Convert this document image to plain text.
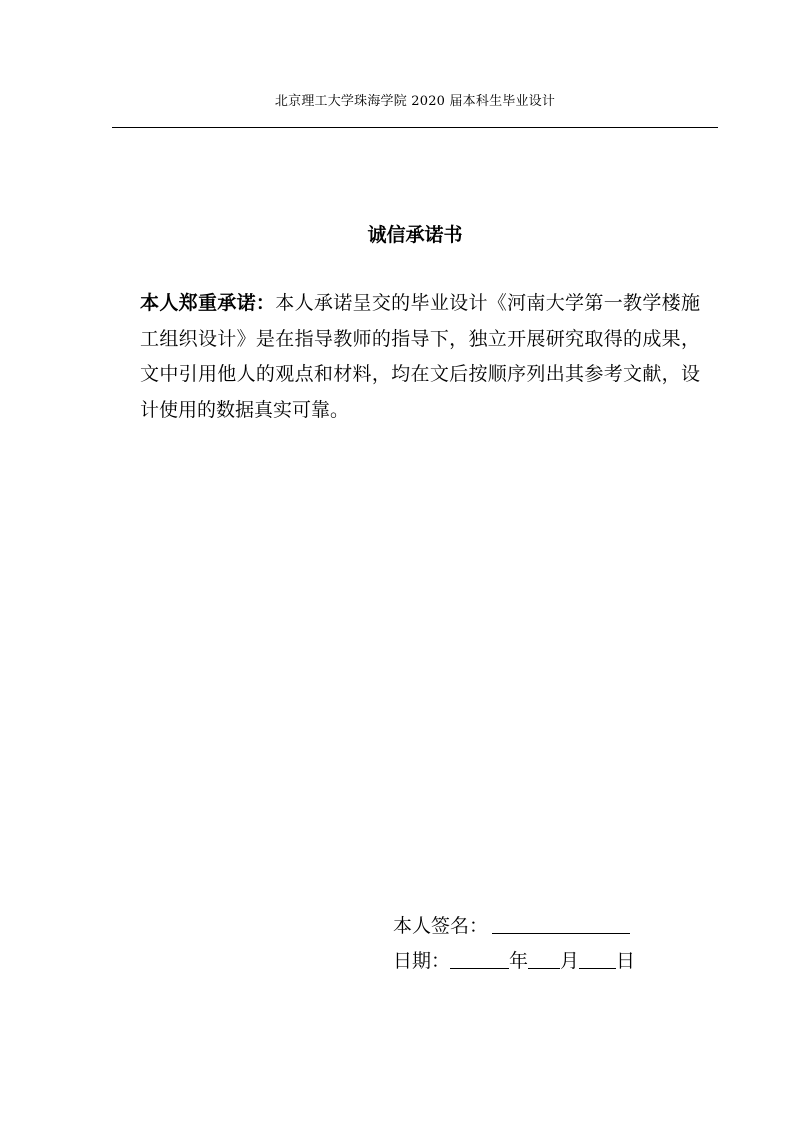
北京理工大学珠海学院 2020 届本科生毕业设计
诚信承诺书
本人郑重承诺：本人承诺呈交的毕业设计《河南大学第一教学楼施工组织设计》是在指导教师的指导下，独立开展研究取得的成果，文中引用他人的观点和材料，均在文后按顺序列出其参考文献，设计使用的数据真实可靠。
本人签名：
日期：	年 月 日
